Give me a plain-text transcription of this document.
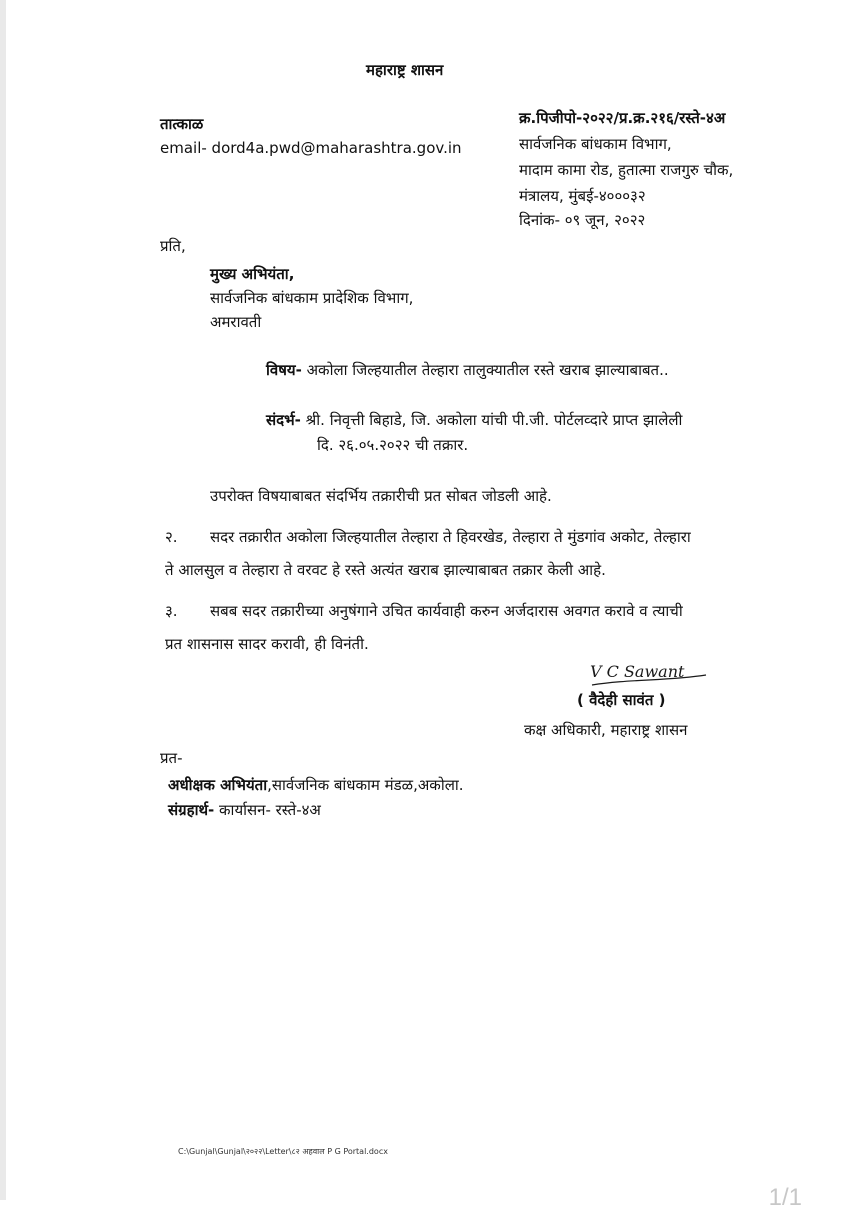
महाराष्ट्र शासन

तात्काळ

email- dord4a.pwd@maharashtra.gov.in

क्र.पिजीपो-२०२२/प्र.क्र.२१६/रस्ते-४अ

सार्वजनिक बांधकाम विभाग,

मादाम कामा रोड, हुतात्मा राजगुरु चौक,

मंत्रालय, मुंबई-४०००३२

दिनांक- ०९ जून, २०२२

प्रति,

मुख्य अभियंता,

सार्वजनिक बांधकाम प्रादेशिक विभाग,

अमरावती

विषय- अकोला जिल्हयातील तेल्हारा तालुक्यातील रस्ते खराब झाल्याबाबत..

संदर्भ- श्री. निवृत्ती बिहाडे, जि. अकोला यांची पी.जी. पोर्टलव्दारे प्राप्त झालेली

दि. २६.०५.२०२२ ची तक्रार.

उपरोक्त विषयाबाबत संदर्भिय तक्रारीची प्रत सोबत जोडली आहे.

२. सदर तक्रारीत अकोला जिल्हयातील तेल्हारा ते हिवरखेड, तेल्हारा ते मुंडगांव अकोट, तेल्हारा

ते आलसुल व तेल्हारा ते वरवट हे रस्ते अत्यंत खराब झाल्याबाबत तक्रार केली आहे.

३. सबब सदर तक्रारीच्या अनुषंगाने उचित कार्यवाही करुन अर्जदारास अवगत करावे व त्याची

प्रत शासनास सादर करावी, ही विनंती.

V C Sawant

( वैदेही सावंत )

कक्ष अधिकारी, महाराष्ट्र शासन

प्रत-

अधीक्षक अभियंता,सार्वजनिक बांधकाम मंडळ,अकोला.

संग्रहार्थ- कार्यासन- रस्ते-४अ

C:\Gunjal\Gunjal\२०२२\Letter\८२ अहवाल P G Portal.docx

1/1
